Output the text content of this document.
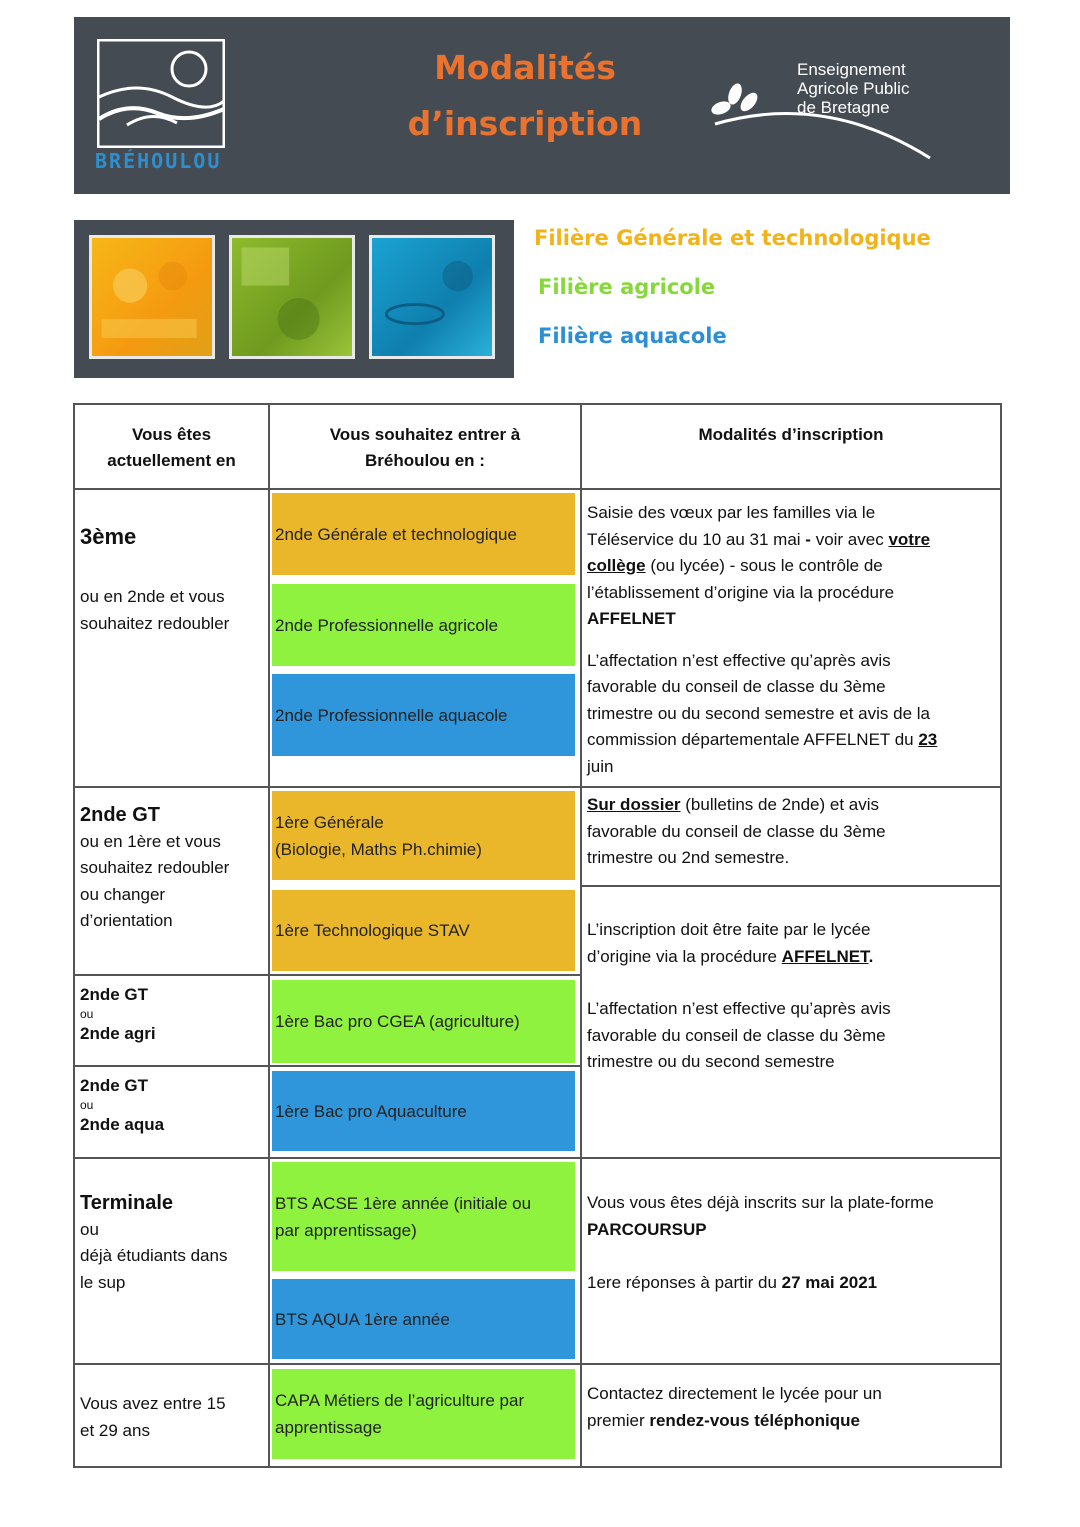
BRÉHOULOU
Modalités
d’inscription
Enseignement
Agricole Public
de Bretagne
Filière Générale et technologique
Filière agricole
Filière aquacole
Vous êtes
actuellement en
Vous souhaitez entrer à
Bréhoulou en :
Modalités d’inscription
3ème
ou en 2nde et vous
souhaitez redoubler
2nde Générale et technologique
2nde Professionnelle agricole
2nde Professionnelle aquacole
Saisie des vœux par les familles via le
Téléservice du 10 au 31 mai - voir avec votre
collège (ou lycée) - sous le contrôle de
l’établissement d’origine via la procédure
AFFELNET
L’affectation n’est effective qu’après avis
favorable du conseil de classe du 3ème
trimestre ou du second semestre et avis de la
commission départementale AFFELNET du 23
juin
2nde GT
ou en 1ère et vous
souhaitez redoubler
ou changer
d’orientation
1ère Générale
(Biologie, Maths Ph.chimie)
1ère Technologique STAV
Sur dossier (bulletins de 2nde) et avis
favorable du conseil de classe du 3ème
trimestre ou 2nd semestre.
2nde GT
ou
2nde agri
1ère Bac pro CGEA (agriculture)
2nde GT
ou
2nde aqua
1ère Bac pro Aquaculture
L’inscription doit être faite par le lycée
d’origine via la procédure AFFELNET.
L’affectation n’est effective qu’après avis
favorable du conseil de classe du 3ème
trimestre ou du second semestre
Terminale
ou
déjà étudiants dans
le sup
BTS ACSE 1ère année (initiale ou
par apprentissage)
BTS AQUA 1ère année
Vous vous êtes déjà inscrits sur la plate-forme
PARCOURSUP
1ere réponses à partir du 27 mai 2021
Vous avez entre 15
et 29 ans
CAPA Métiers de l’agriculture par
apprentissage
Contactez directement le lycée pour un
premier rendez-vous téléphonique
